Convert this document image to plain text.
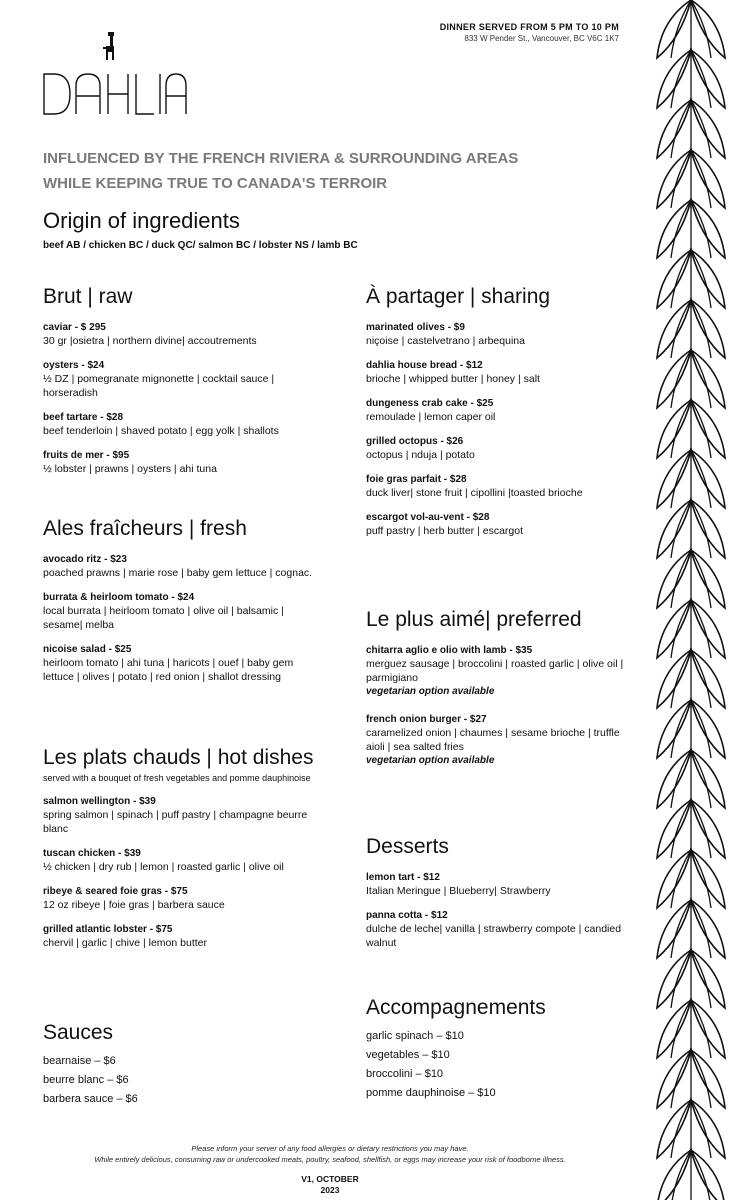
DINNER SERVED FROM 5 PM TO 10 PM
833 W Pender St., Vancouver, BC V6C 1K7
INFLUENCED BY THE FRENCH RIVIERA & SURROUNDING AREAS
WHILE KEEPING TRUE TO CANADA'S TERROIR
Origin of ingredients

beef AB / chicken BC / duck QC/ salmon BC / lobster NS / lamb BC

Brut | raw
caviar - $ 295
30 gr |osietra | northern divine| accoutrements
oysters - $24
½ DZ | pomegranate mignonette | cocktail sauce | horseradish
beef tartare - $28
beef tenderloin | shaved potato | egg yolk | shallots
fruits de mer - $95
½ lobster | prawns | oysters | ahi tuna
Ales fraîcheurs | fresh
avocado ritz - $23
poached prawns | marie rose | baby gem lettuce | cognac.
burrata & heirloom tomato - $24
local burrata | heirloom tomato | olive oil | balsamic | sesame| melba
nicoise salad - $25
heirloom tomato | ahi tuna | haricots | ouef | baby gem lettuce | olives | potato | red onion | shallot dressing
Les plats chauds | hot dishes
served with a bouquet of fresh vegetables and pomme dauphinoise
salmon wellington - $39
spring salmon | spinach | puff pastry | champagne beurre blanc
tuscan chicken - $39
½ chicken | dry rub | lemon | roasted garlic | olive oil
ribeye & seared foie gras - $75
12 oz ribeye | foie gras | barbera sauce
grilled atlantic lobster - $75
chervil | garlic | chive | lemon butter
Sauces
bearnaise – $6
beurre blanc – $6
barbera sauce – $6
À partager | sharing
marinated olives - $9
niçoise | castelvetrano | arbequina
dahlia house bread - $12
brioche | whipped butter | honey | salt
dungeness crab cake - $25
remoulade | lemon caper oil
grilled octopus - $26
octopus | nduja | potato
foie gras parfait - $28
duck liver| stone fruit | cipollini |toasted brioche
escargot vol-au-vent - $28
puff pastry | herb butter | escargot
Le plus aimé| preferred
chitarra aglio e olio with lamb - $35
merguez sausage | broccolini | roasted garlic | olive oil | parmigiano
vegetarian option available
french onion burger - $27
caramelized onion | chaumes | sesame brioche | truffle aioli | sea salted fries
vegetarian option available
Desserts
lemon tart - $12
Italian Meringue | Blueberry| Strawberry
panna cotta - $12
dulche de leche| vanilla | strawberry compote | candied walnut
Accompagnements
garlic spinach – $10
vegetables – $10
broccolini – $10
pomme dauphinoise – $10
Please inform your server of any food allergies or dietary restrictions you may have.
While entirely delicious, consuming raw or undercooked meats, poultry, seafood, shellfish, or eggs may increase your risk of foodborne illness.
V1, OCTOBER
2023
